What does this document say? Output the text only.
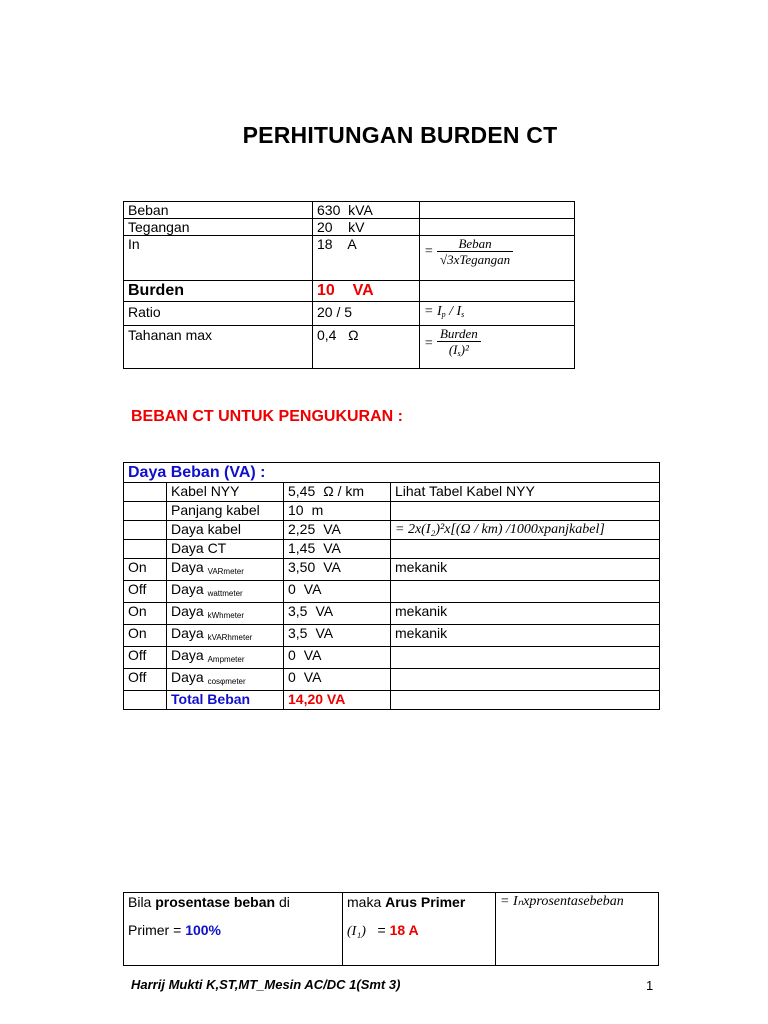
PERHITUNGAN BURDEN CT
Beban	630 kVA	
Tegangan	20 kV	
In	18 A	= $\frac{\text{Beban}}{\text{√3xTegangan}}$

Burden	10 VA	
Ratio	20 / 5	= $I_p / I_s$
Tahanan max	0,4 Ω	= $\frac{\text{Burden}}{(I_s)^2}$
BEBAN CT UNTUK PENGUKURAN :
Daya Beban (VA) :			
	Kabel NYY	5,45 Ω / km	Lihat Tabel Kabel NYY
	Panjang kabel	10 m	
	Daya kabel	2,25 VA	= 2x(I₂)²x[(Ω / km) /1000xpanjkabel]
	Daya CT	1,45 VA	
On	Daya $_{VARmeter}$	3,50 VA	mekanik
Off	Daya $_{wattmeter}$	0 VA	
On	Daya $_{kWhmeter}$	3,5 VA	mekanik
On	Daya $_{kVARhmeter}$	3,5 VA	mekanik
Off	Daya $_{Ampmeter}$	0 VA	
Off	Daya $_{cos\varphi meter}$	0 VA	
	Total Beban	14,20 VA	
Bila prosentase beban di
Primer = 100%

maka Arus Primer
(I₁) = 18 A
	= Iₙxprosentasebeban
Harrij Mukti K,ST,MT_Mesin AC/DC 1(Smt 3)	1
